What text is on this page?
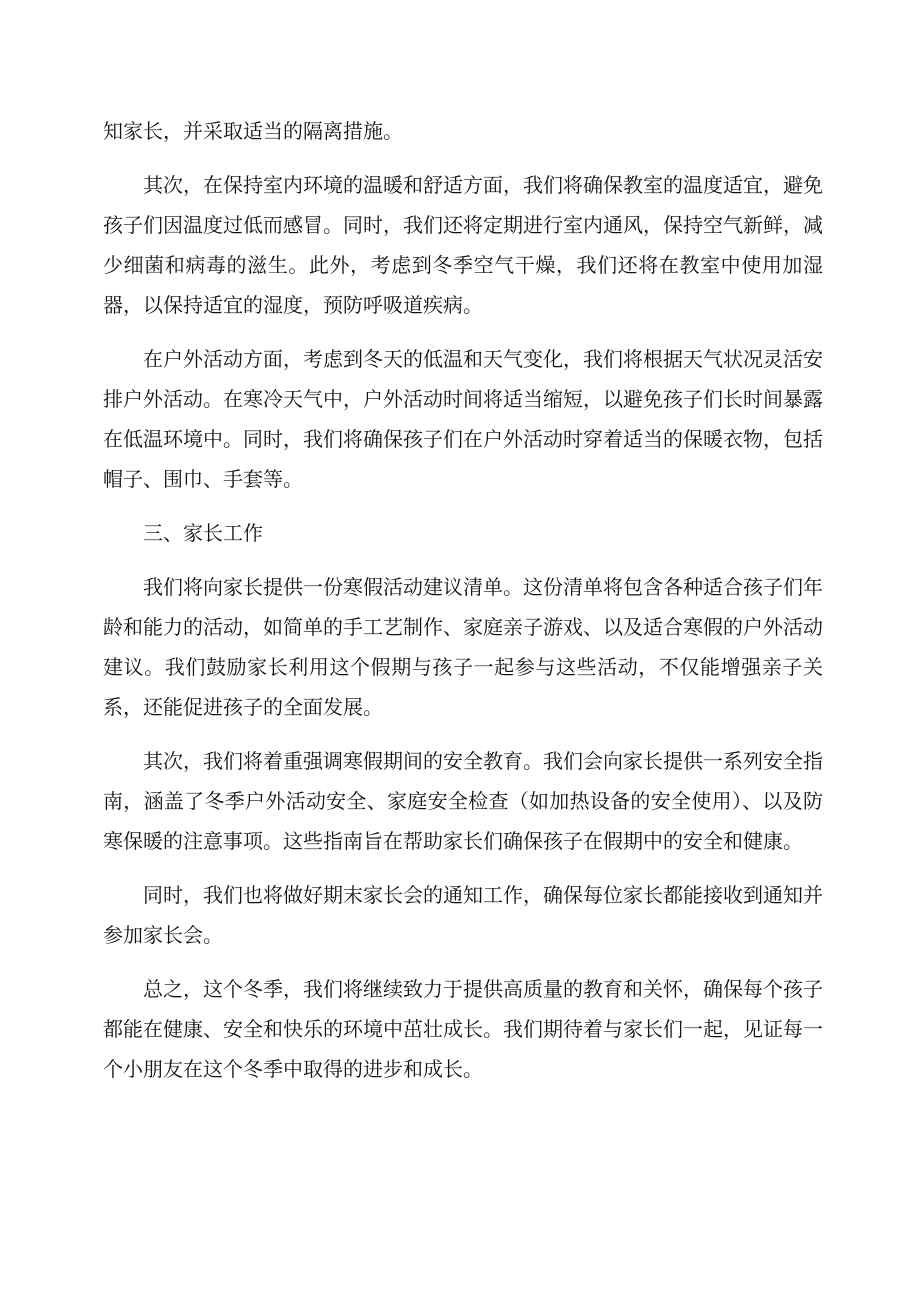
知家长，并采取适当的隔离措施。

其次，在保持室内环境的温暖和舒适方面，我们将确保教室的温度适宜，避免孩子们因温度过低而感冒。同时，我们还将定期进行室内通风，保持空气新鲜，减少细菌和病毒的滋生。此外，考虑到冬季空气干燥，我们还将在教室中使用加湿器，以保持适宜的湿度，预防呼吸道疾病。

在户外活动方面，考虑到冬天的低温和天气变化，我们将根据天气状况灵活安排户外活动。在寒冷天气中，户外活动时间将适当缩短，以避免孩子们长时间暴露在低温环境中。同时，我们将确保孩子们在户外活动时穿着适当的保暖衣物，包括帽子、围巾、手套等。

三、家长工作

我们将向家长提供一份寒假活动建议清单。这份清单将包含各种适合孩子们年龄和能力的活动，如简单的手工艺制作、家庭亲子游戏、以及适合寒假的户外活动建议。我们鼓励家长利用这个假期与孩子一起参与这些活动，不仅能增强亲子关系，还能促进孩子的全面发展。

其次，我们将着重强调寒假期间的安全教育。我们会向家长提供一系列安全指南，涵盖了冬季户外活动安全、家庭安全检查（如加热设备的安全使用）、以及防寒保暖的注意事项。这些指南旨在帮助家长们确保孩子在假期中的安全和健康。

同时，我们也将做好期末家长会的通知工作，确保每位家长都能接收到通知并参加家长会。

总之，这个冬季，我们将继续致力于提供高质量的教育和关怀，确保每个孩子都能在健康、安全和快乐的环境中茁壮成长。我们期待着与家长们一起，见证每一个小朋友在这个冬季中取得的进步和成长。
